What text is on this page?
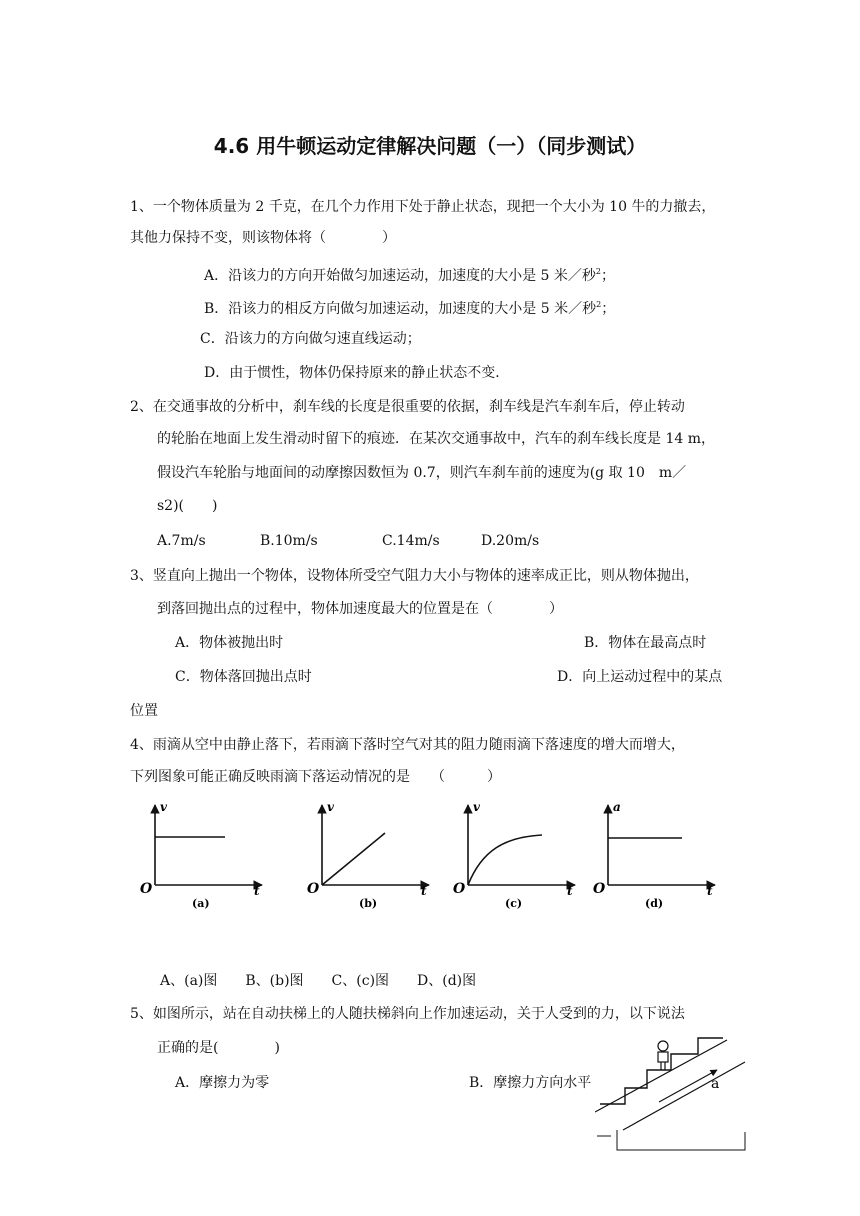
4.6 用牛顿运动定律解决问题（一）（同步测试）
1、一个物体质量为 2 千克，在几个力作用下处于静止状态，现把一个大小为 10 牛的力撤去，
其他力保持不变，则该物体将（　　　　）
A．沿该力的方向开始做匀加速运动，加速度的大小是 5 米／秒$^2$；
B．沿该力的相反方向做匀加速运动，加速度的大小是 5 米／秒$^2$；
C．沿该力的方向做匀速直线运动；
D．由于惯性，物体仍保持原来的静止状态不变．
2、在交通事故的分析中，刹车线的长度是很重要的依据，刹车线是汽车刹车后，停止转动
的轮胎在地面上发生滑动时留下的痕迹．在某次交通事故中，汽车的刹车线长度是 14 m，
假设汽车轮胎与地面间的动摩擦因数恒为 0.7，则汽车刹车前的速度为(g 取 10　m／
s2)(　　)
A.7m/s	B.10m/s	C.14m/s	D.20m/s
3、竖直向上抛出一个物体，设物体所受空气阻力大小与物体的速率成正比，则从物体抛出，
到落回抛出点的过程中，物体加速度最大的位置是在（　　　　）
A．物体被抛出时	B．物体在最高点时
C．物体落回抛出点时	D．向上运动过程中的某点
位置
4、雨滴从空中由静止落下，若雨滴下落时空气对其的阻力随雨滴下落速度的增大而增大，
下列图象可能正确反映雨滴下落运动情况的是　　（　　　）
v
t
O
(a)
v
t
O
(b)
v
t
O
(c)
a
t
O
(d)
A、(a)图　　B、(b)图　　C、(c)图　　D、(d)图
5、如图所示，站在自动扶梯上的人随扶梯斜向上作加速运动，关于人受到的力，以下说法
正确的是(　　　　)
A．摩擦力为零	B．摩擦力方向水平	a
